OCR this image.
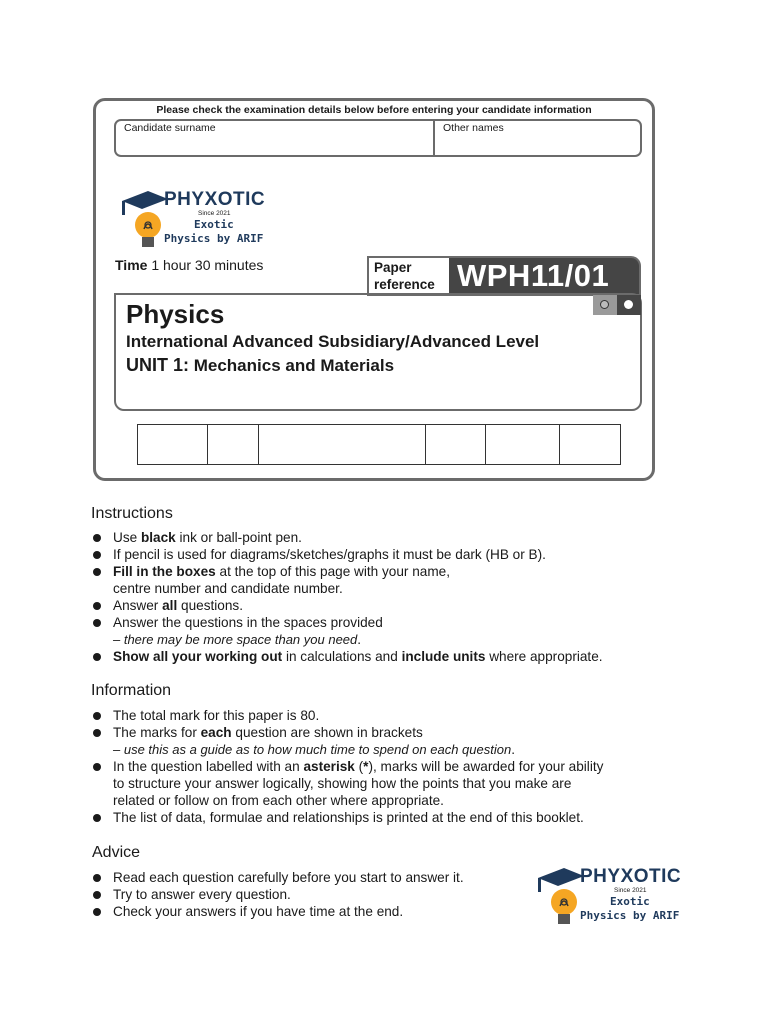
Please check the examination details below before entering your candidate information
Candidate surname	Other names
PHYXOTIC
Since 2021
Exotic
Physics by ARIF
Time 1 hour 30 minutes	Paper
reference WPH11/01
Physics
International Advanced Subsidiary/Advanced Level
UNIT 1: Mechanics and Materials
Instructions
Use black ink or ball-point pen.
If pencil is used for diagrams/sketches/graphs it must be dark (HB or B).
Fill in the boxes at the top of this page with your name,
centre number and candidate number.
Answer all questions.
Answer the questions in the spaces provided
– there may be more space than you need.
Show all your working out in calculations and include units where appropriate.
Information
The total mark for this paper is 80.
The marks for each question are shown in brackets
– use this as a guide as to how much time to spend on each question.
In the question labelled with an asterisk (*), marks will be awarded for your ability
to structure your answer logically, showing how the points that you make are
related or follow on from each other where appropriate.
The list of data, formulae and relationships is printed at the end of this booklet.
Advice
Read each question carefully before you start to answer it.
Try to answer every question.
Check your answers if you have time at the end.
PHYXOTIC
Since 2021
Exotic
Physics by ARIF
